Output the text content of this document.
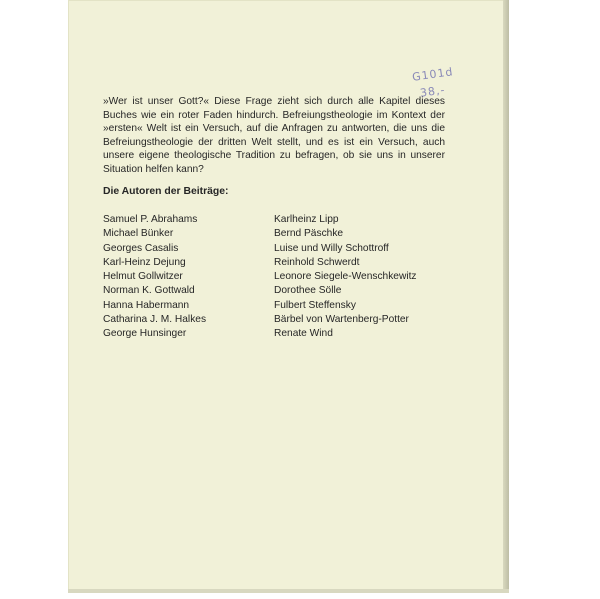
G101d
38,-

»Wer ist unser Gott?« Diese Frage zieht sich durch alle Kapitel dieses Buches wie ein roter Faden hindurch. Befreiungstheologie im Kontext der »ersten« Welt ist ein Versuch, auf die Anfragen zu antworten, die uns die Befreiungstheologie der dritten Welt stellt, und es ist ein Versuch, auch unsere eigene theologische Tradition zu befragen, ob sie uns in unserer Situation helfen kann?

Die Autoren der Beiträge:
Samuel P. Abrahams
Michael Bünker
Georges Casalis
Karl-Heinz Dejung
Helmut Gollwitzer
Norman K. Gottwald
Hanna Habermann
Catharina J. M. Halkes
George Hunsinger
Karlheinz Lipp
Bernd Päschke
Luise und Willy Schottroff
Reinhold Schwerdt
Leonore Siegele-Wenschkewitz
Dorothee Sölle
Fulbert Steffensky
Bärbel von Wartenberg-Potter
Renate Wind
